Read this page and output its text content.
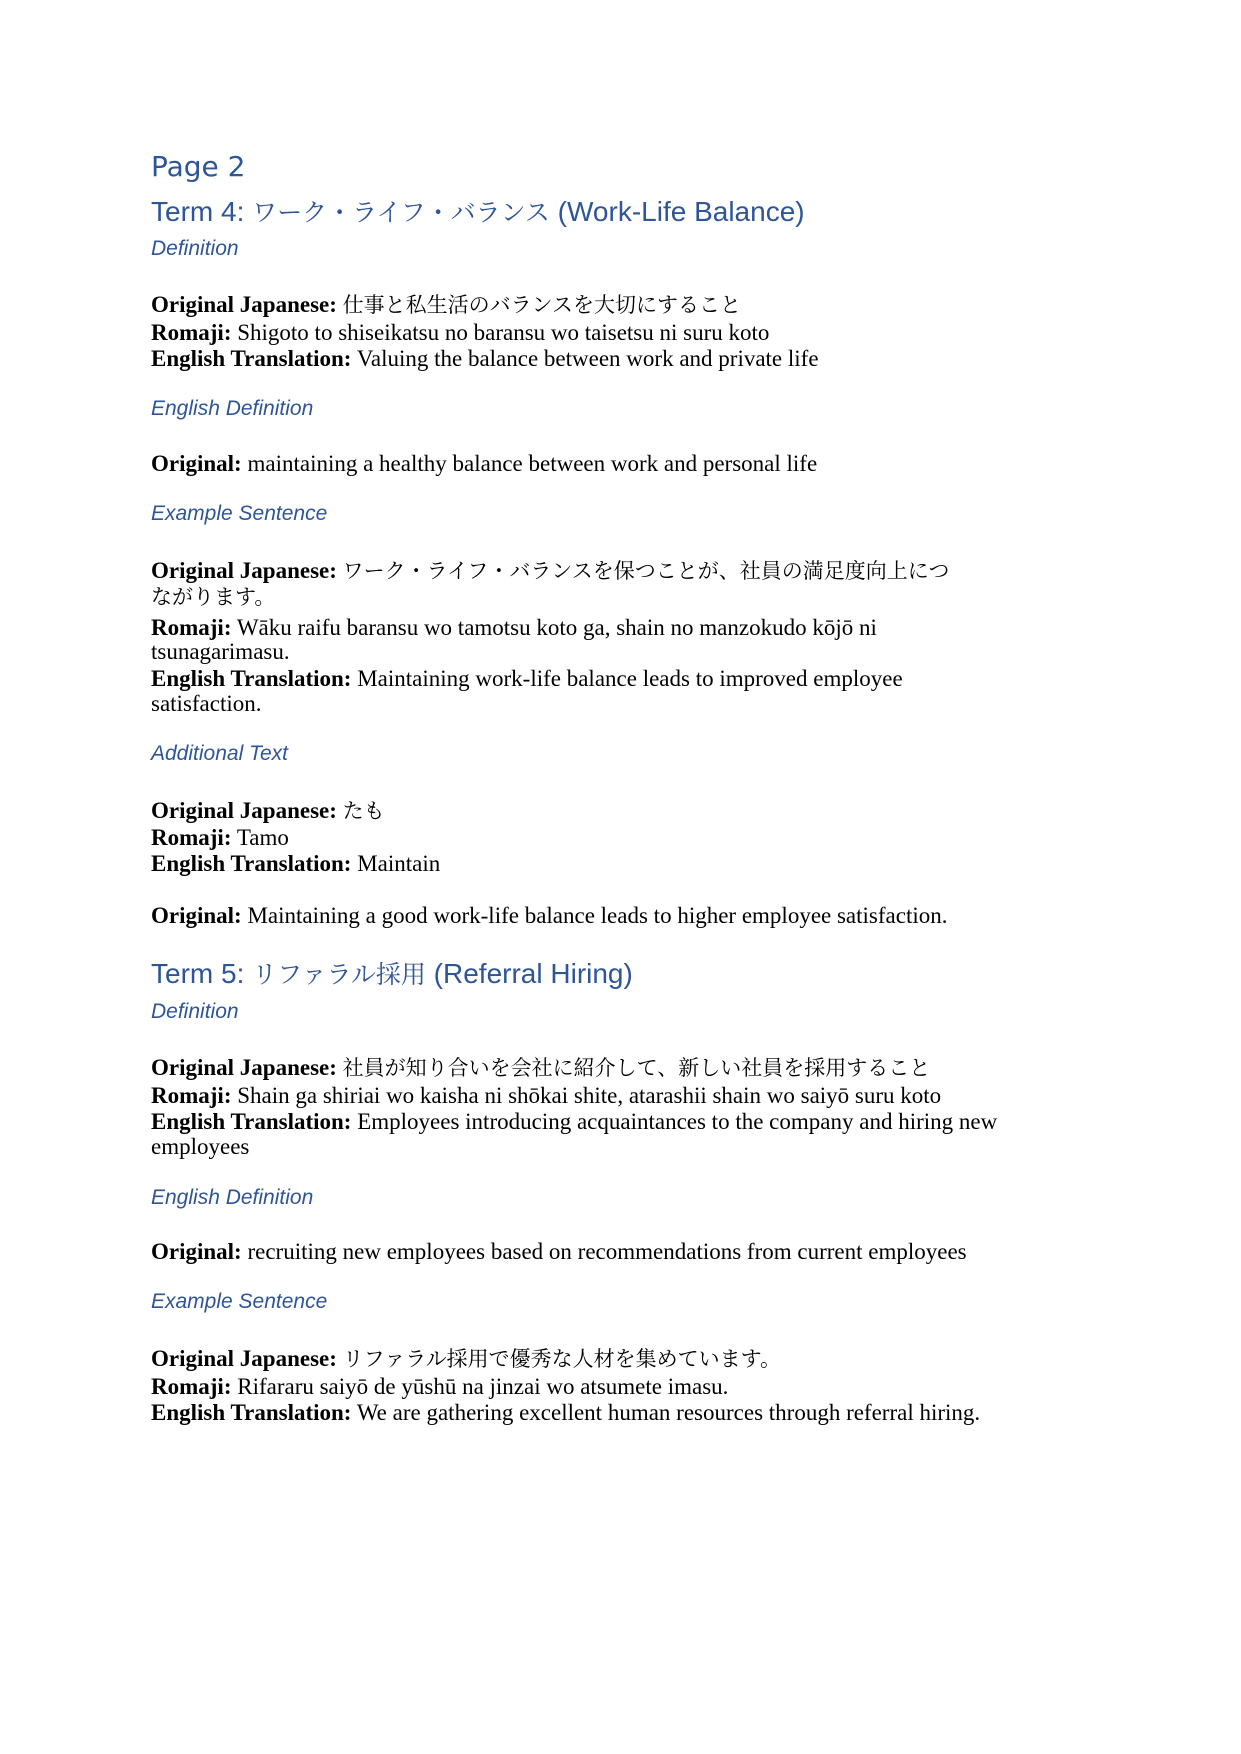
Page 2
Term 4: ワーク・ライフ・バランス (Work-Life Balance)

Definition

Original Japanese: 仕事と私生活のバランスを大切にすること

Romaji: Shigoto to shiseikatsu no baransu wo taisetsu ni suru koto

English Translation: Valuing the balance between work and private life

English Definition

Original: maintaining a healthy balance between work and personal life

Example Sentence

Original Japanese: ワーク・ライフ・バランスを保つことが、社員の満足度向上につ

ながります。

Romaji: Wāku raifu baransu wo tamotsu koto ga, shain no manzokudo kōjō ni

tsunagarimasu.

English Translation: Maintaining work-life balance leads to improved employee

satisfaction.

Additional Text

Original Japanese: たも

Romaji: Tamo

English Translation: Maintain

Original: Maintaining a good work-life balance leads to higher employee satisfaction.

Term 5: リファラル採用 (Referral Hiring)

Definition

Original Japanese: 社員が知り合いを会社に紹介して、新しい社員を採用すること

Romaji: Shain ga shiriai wo kaisha ni shōkai shite, atarashii shain wo saiyō suru koto

English Translation: Employees introducing acquaintances to the company and hiring new

employees

English Definition

Original: recruiting new employees based on recommendations from current employees

Example Sentence

Original Japanese: リファラル採用で優秀な人材を集めています。

Romaji: Rifararu saiyō de yūshū na jinzai wo atsumete imasu.

English Translation: We are gathering excellent human resources through referral hiring.
